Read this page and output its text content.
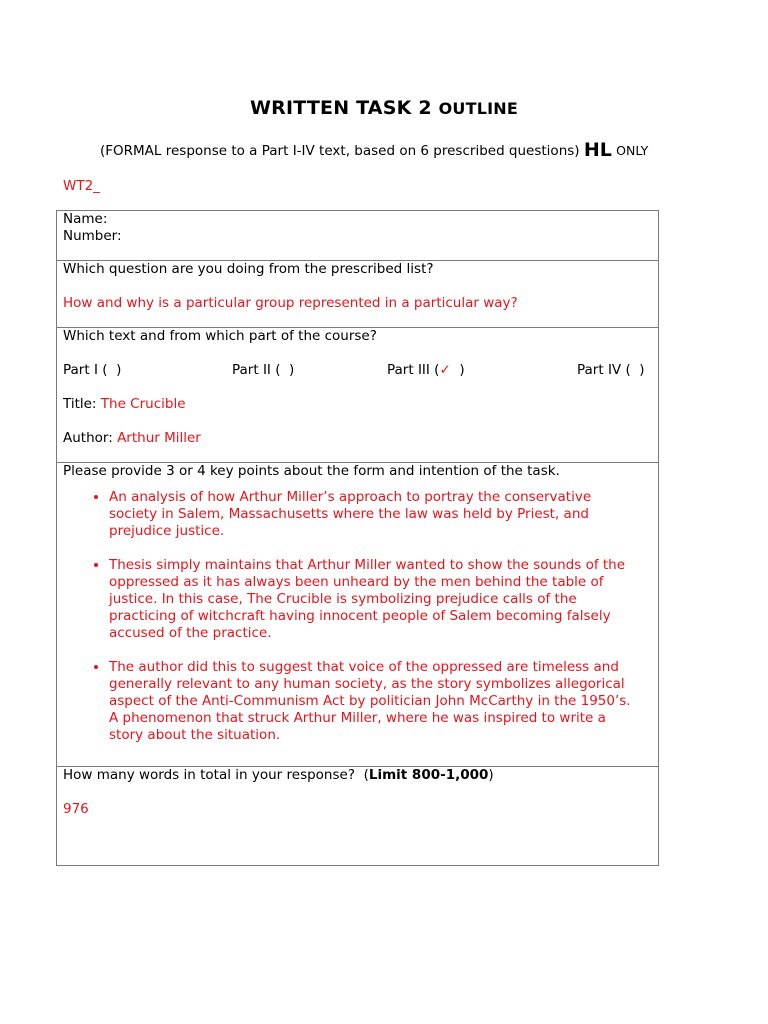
WRITTEN TASK 2 OUTLINE
(FORMAL response to a Part I-IV text, based on 6 prescribed questions) HL ONLY
WT2_
Name:
Number:

Which question are you doing from the prescribed list?
How and why is a particular group represented in a particular way?

Which text and from which part of the course?
Part I (  )	Part II (  )	Part III (✓  )	Part IV (  )
Title: The Crucible
Author: Arthur Miller

Please provide 3 or 4 key points about the form and intention of the task.
• An analysis of how Arthur Miller’s approach to portray the conservative society in Salem, Massachusetts where the law was held by Priest, and prejudice justice.
• Thesis simply maintains that Arthur Miller wanted to show the sounds of the oppressed as it has always been unheard by the men behind the table of justice. In this case, The Crucible is symbolizing prejudice calls of the practicing of witchcraft having innocent people of Salem becoming falsely accused of the practice.
• The author did this to suggest that voice of the oppressed are timeless and generally relevant to any human society, as the story symbolizes allegorical aspect of the Anti-Communism Act by politician John McCarthy in the 1950’s. A phenomenon that struck Arthur Miller, where he was inspired to write a story about the situation.

How many words in total in your response?  (Limit 800-1,000)
976
